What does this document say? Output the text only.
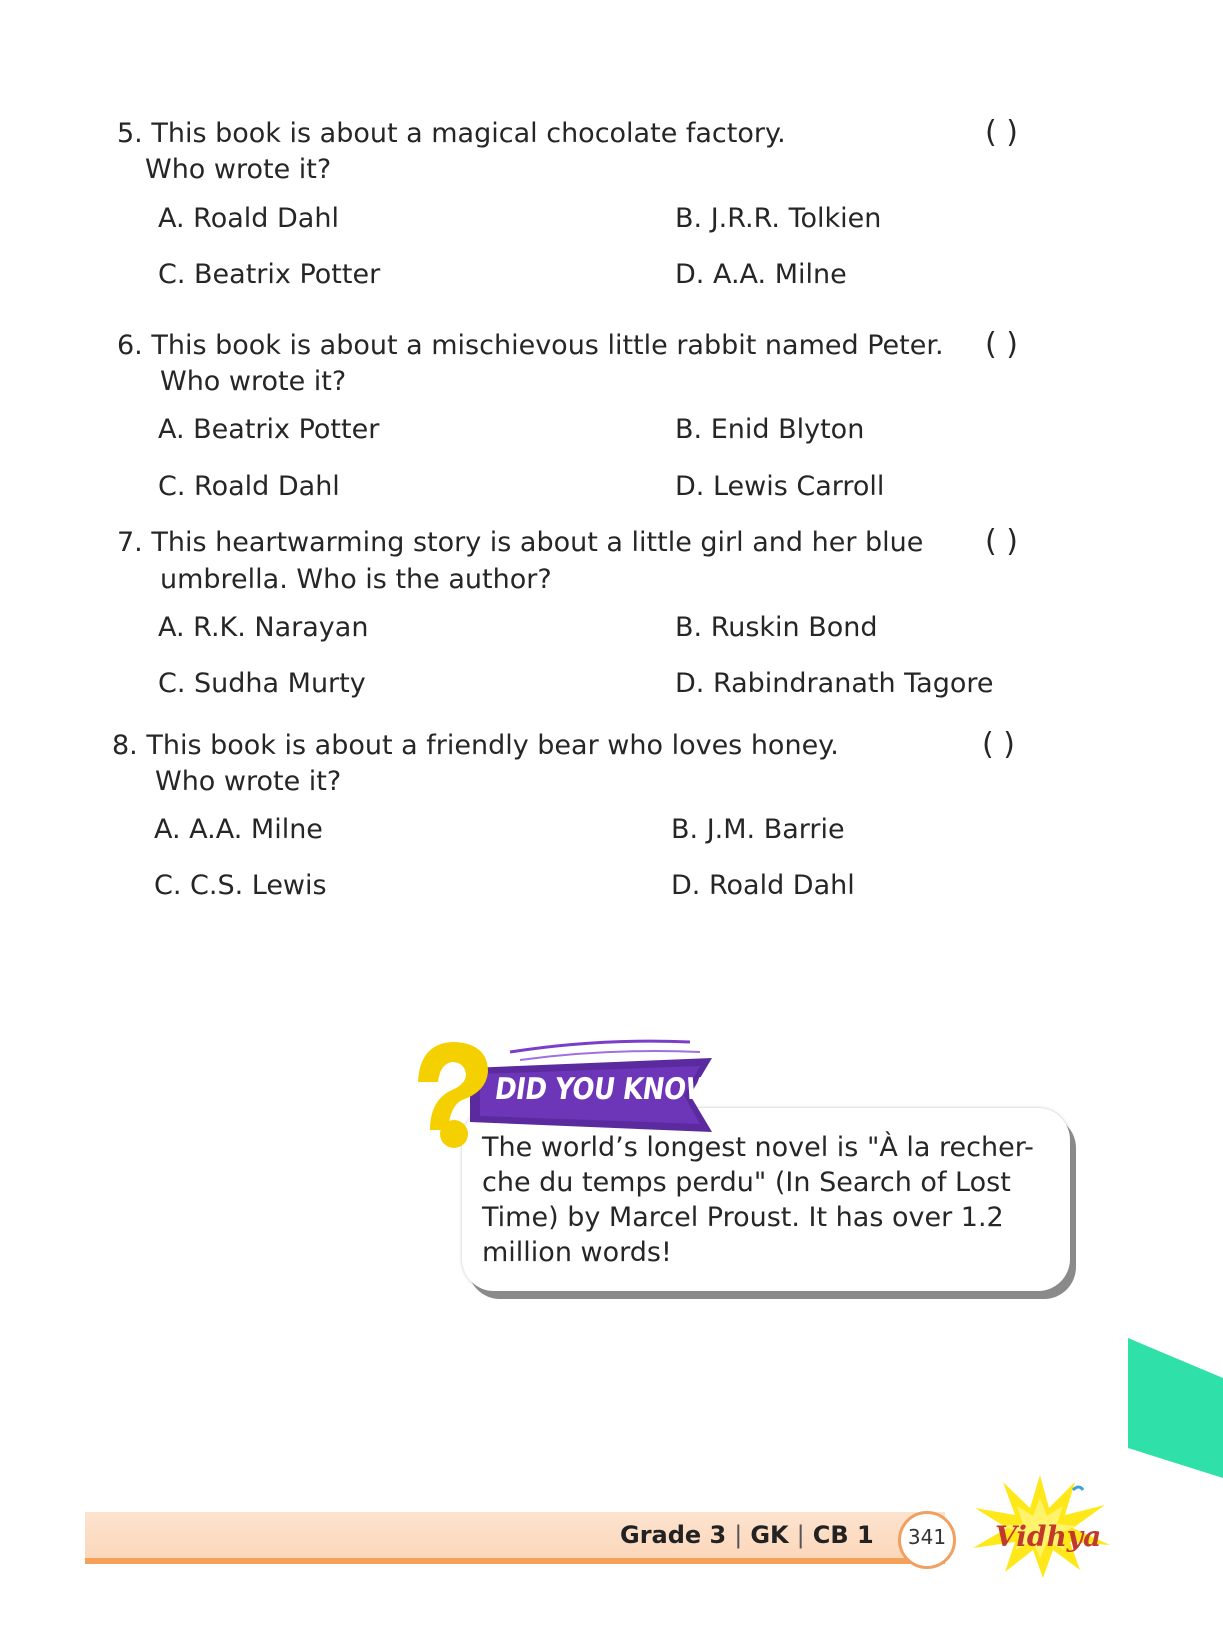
5. This book is about a magical chocolate factory.
Who wrote it?
( )
A. Roald Dahl	B. J.R.R. Tolkien
C. Beatrix Potter	D. A.A. Milne
6. This book is about a mischievous little rabbit named Peter.
Who wrote it?
( )
A. Beatrix Potter	B. Enid Blyton
C. Roald Dahl	D. Lewis Carroll
7. This heartwarming story is about a little girl and her blue
umbrella. Who is the author?
( )
A. R.K. Narayan	B. Ruskin Bond
C. Sudha Murty	D. Rabindranath Tagore
8. This book is about a friendly bear who loves honey.
Who wrote it?
( )
A. A.A. Milne	B. J.M. Barrie
C. C.S. Lewis	D. Roald Dahl
DID YOU KNOW?
The world’s longest novel is "À la recher-
che du temps perdu" (In Search of Lost
Time) by Marcel Proust. It has over 1.2
million words!
Grade 3 | GK | CB 1	341	Vidhya
